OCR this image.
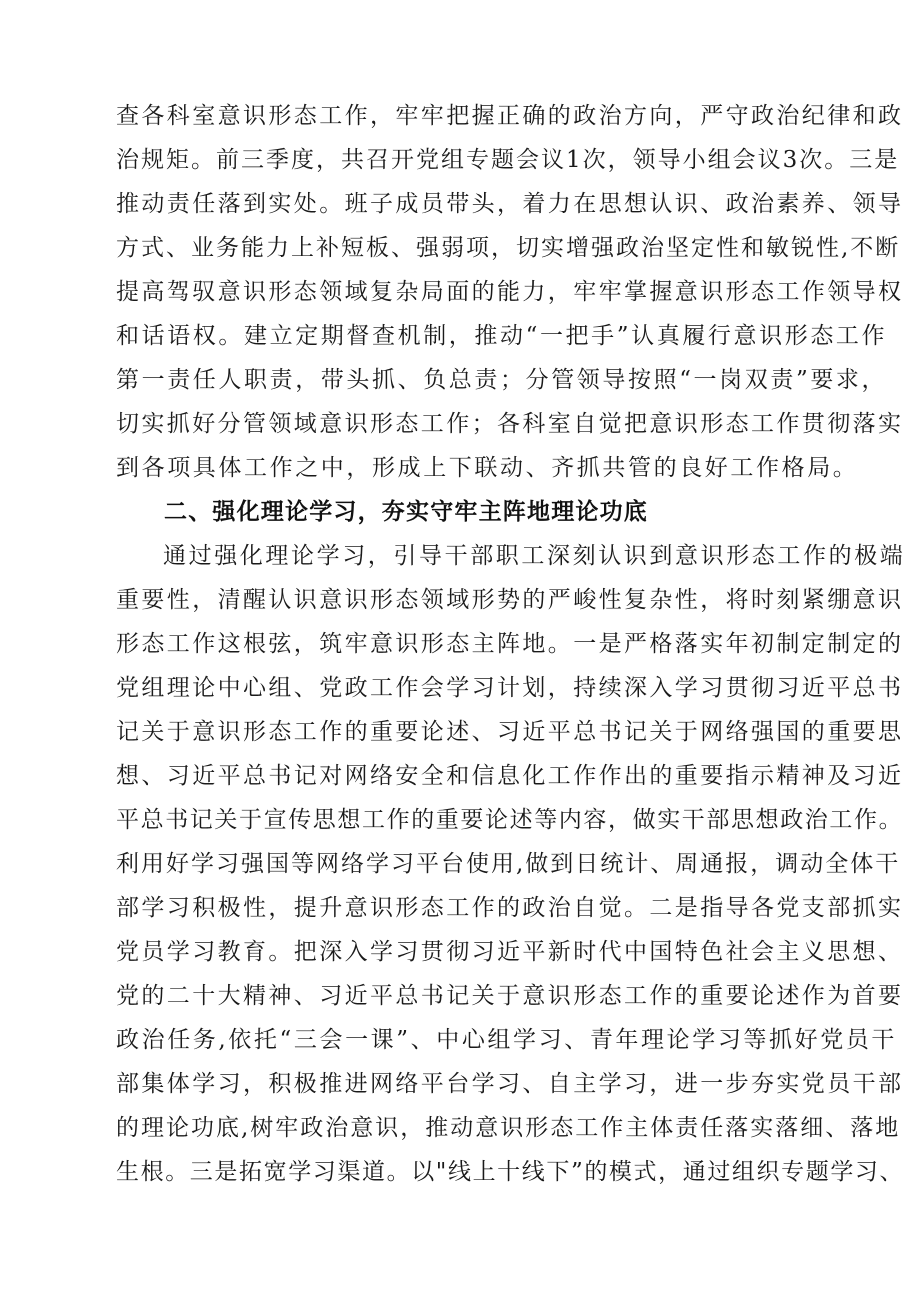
查各科室意识形态工作，牢牢把握正确的政治方向，严守政治纪律和政
治规矩。前三季度，共召开党组专题会议1次，领导小组会议3次。三是
推动责任落到实处。班子成员带头，着力在思想认识、政治素养、领导
方式、业务能力上补短板、强弱项，切实增强政治坚定性和敏锐性,不断
提高驾驭意识形态领域复杂局面的能力，牢牢掌握意识形态工作领导权
和话语权。建立定期督查机制，推动“一把手”认真履行意识形态工作
第一责任人职责，带头抓、负总责；分管领导按照“一岗双责”要求，
切实抓好分管领域意识形态工作；各科室自觉把意识形态工作贯彻落实
到各项具体工作之中，形成上下联动、齐抓共管的良好工作格局。
二、强化理论学习，夯实守牢主阵地理论功底
通过强化理论学习，引导干部职工深刻认识到意识形态工作的极端
重要性，清醒认识意识形态领域形势的严峻性复杂性，将时刻紧绷意识
形态工作这根弦，筑牢意识形态主阵地。一是严格落实年初制定制定的
党组理论中心组、党政工作会学习计划，持续深入学习贯彻习近平总书
记关于意识形态工作的重要论述、习近平总书记关于网络强国的重要思
想、习近平总书记对网络安全和信息化工作作出的重要指示精神及习近
平总书记关于宣传思想工作的重要论述等内容，做实干部思想政治工作。
利用好学习强国等网络学习平台使用,做到日统计、周通报，调动全体干
部学习积极性，提升意识形态工作的政治自觉。二是指导各党支部抓实
党员学习教育。把深入学习贯彻习近平新时代中国特色社会主义思想、
党的二十大精神、习近平总书记关于意识形态工作的重要论述作为首要
政治任务,依托“三会一课”、中心组学习、青年理论学习等抓好党员干
部集体学习，积极推进网络平台学习、自主学习，进一步夯实党员干部
的理论功底,树牢政治意识，推动意识形态工作主体责任落实落细、落地
生根。三是拓宽学习渠道。以"线上十线下”的模式，通过组织专题学习、
